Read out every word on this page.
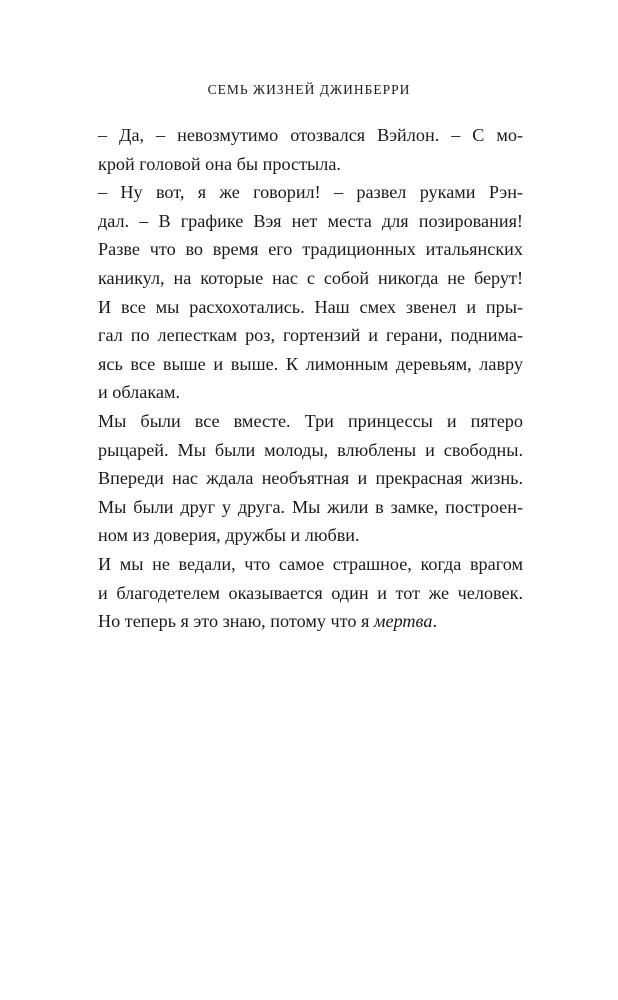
СЕМЬ ЖИЗНЕЙ ДЖИНБЕРРИ

– Да, – невозмутимо отозвался Вэйлон. – С мо-
крой головой она бы простыла.

– Ну вот, я же говорил! – развел руками Рэн-
дал. – В графике Вэя нет места для позирования!
Разве что во время его традиционных итальянских
каникул, на которые нас с собой никогда не берут!

И все мы расхохотались. Наш смех звенел и пры-
гал по лепесткам роз, гортензий и герани, поднима-
ясь все выше и выше. К лимонным деревьям, лавру
и облакам.

Мы были все вместе. Три принцессы и пятеро
рыцарей. Мы были молоды, влюблены и свободны.
Впереди нас ждала необъятная и прекрасная жизнь.
Мы были друг у друга. Мы жили в замке, построен-
ном из доверия, дружбы и любви.

И мы не ведали, что самое страшное, когда врагом
и благодетелем оказывается один и тот же человек.

Но теперь я это знаю, потому что я мертва.
